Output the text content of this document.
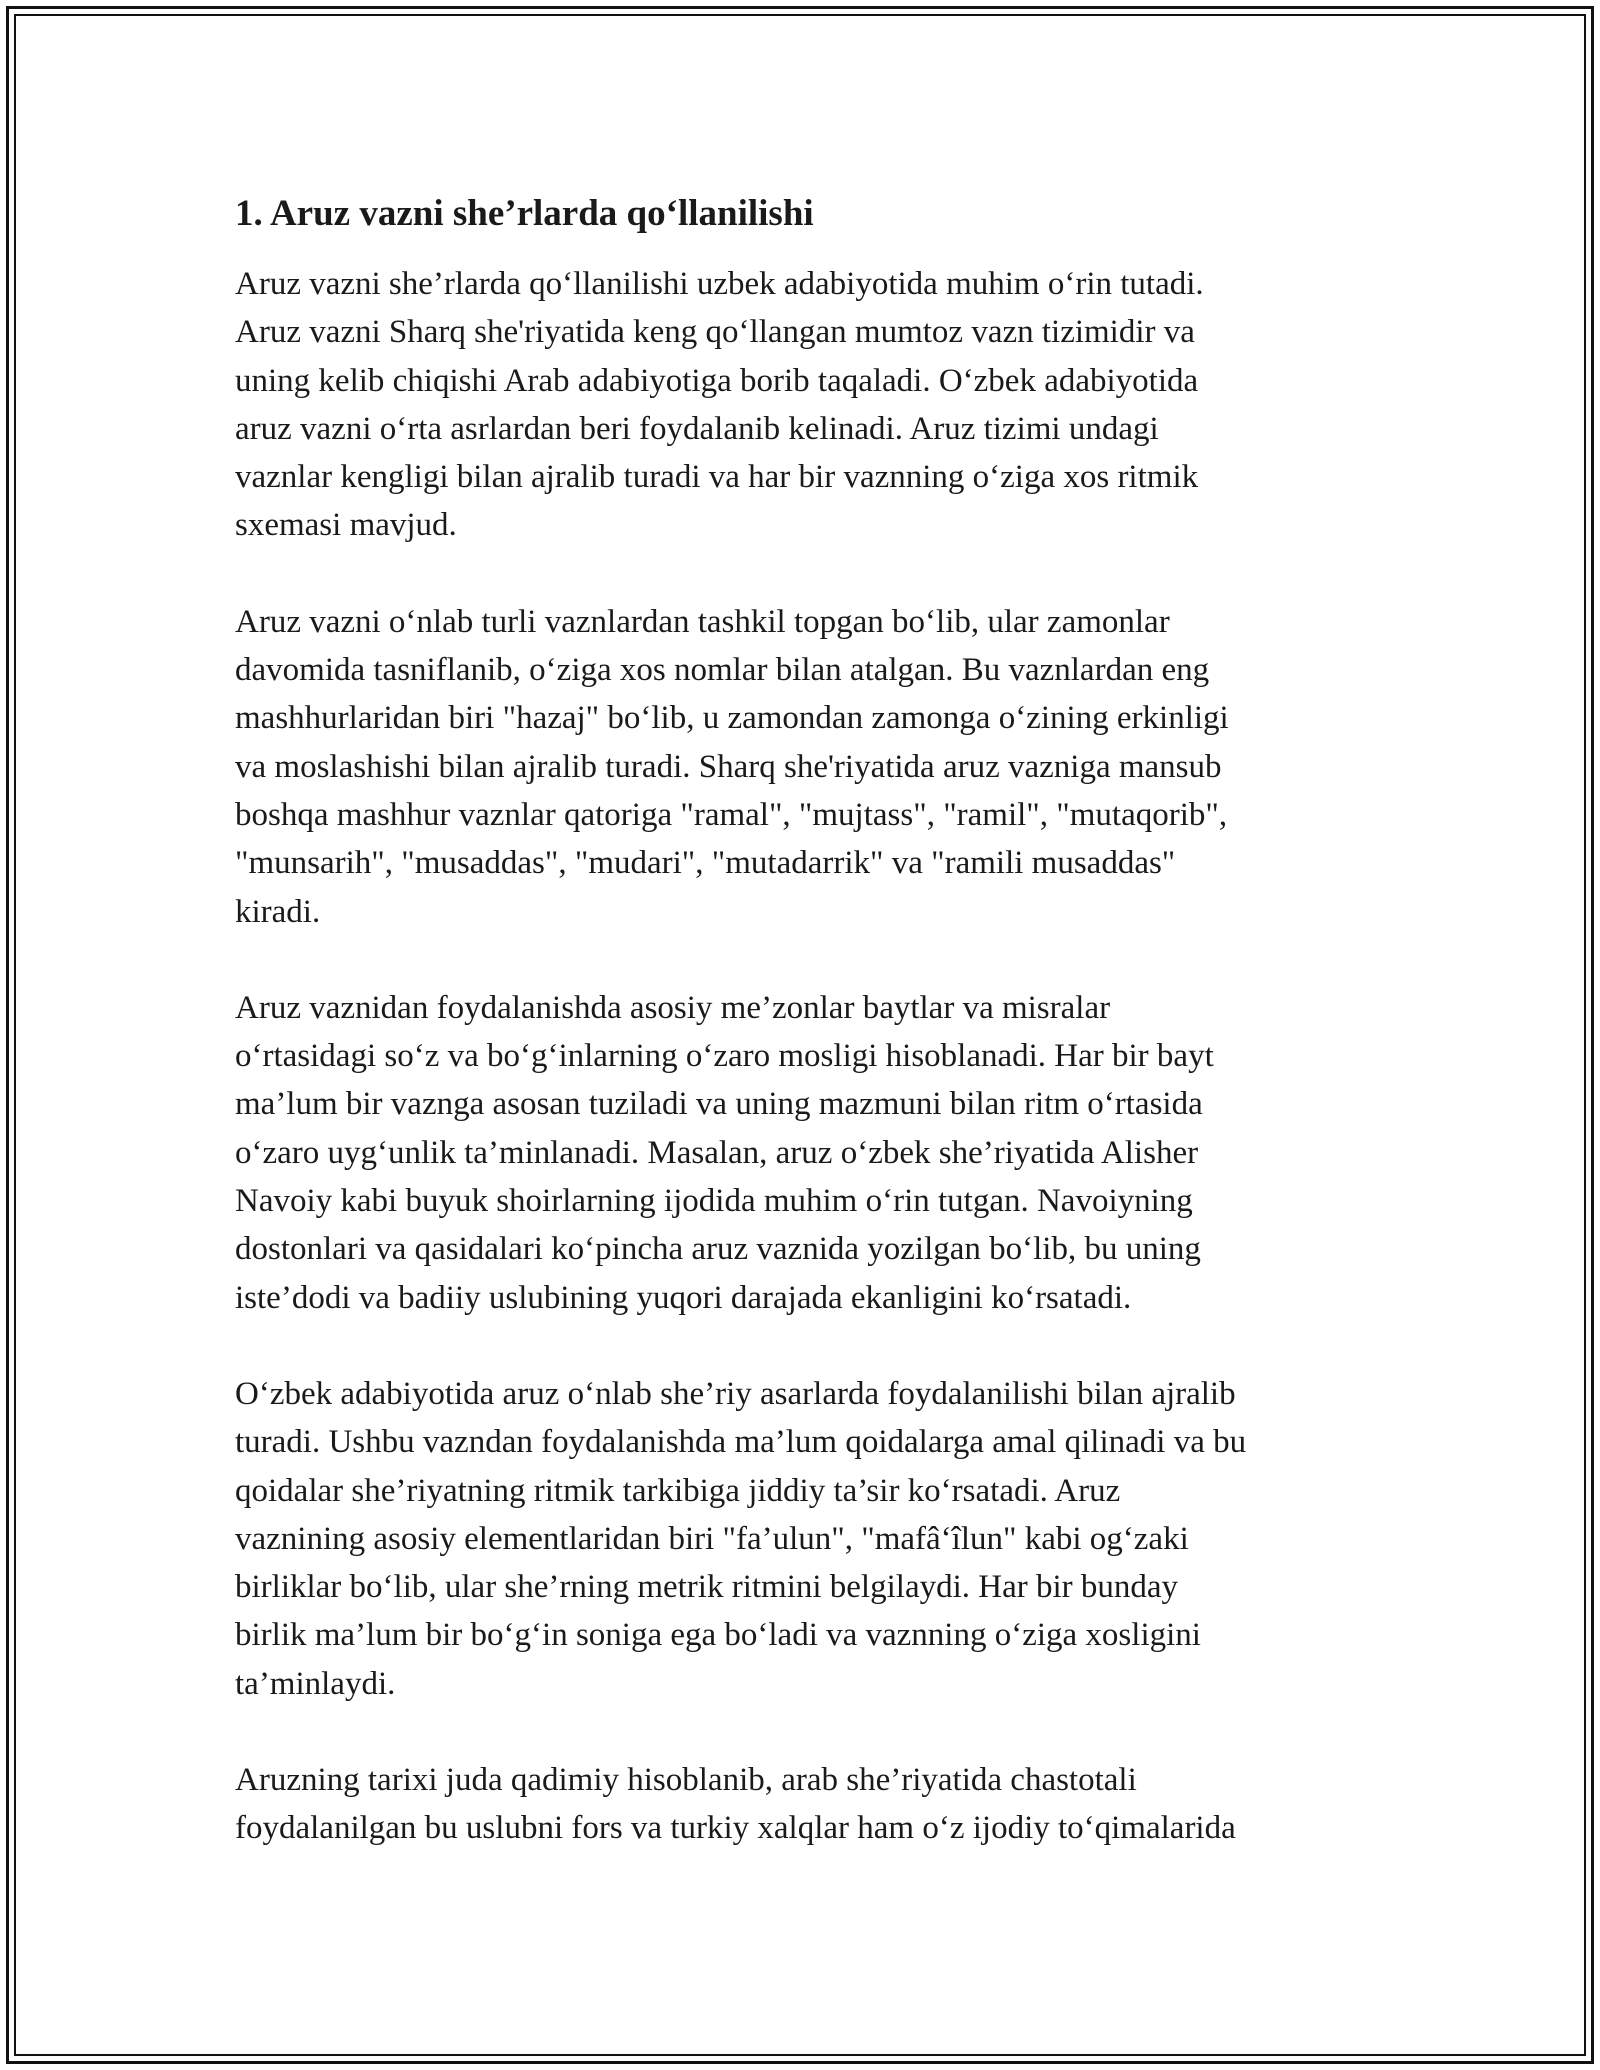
1. Aruz vazni she’rlarda qo‘llanilishi

Aruz vazni she’rlarda qo‘llanilishi uzbek adabiyotida muhim o‘rin tutadi.
Aruz vazni Sharq she'riyatida keng qo‘llangan mumtoz vazn tizimidir va
uning kelib chiqishi Arab adabiyotiga borib taqaladi. O‘zbek adabiyotida
aruz vazni o‘rta asrlardan beri foydalanib kelinadi. Aruz tizimi undagi
vaznlar kengligi bilan ajralib turadi va har bir vaznning o‘ziga xos ritmik
sxemasi mavjud.

Aruz vazni o‘nlab turli vaznlardan tashkil topgan bo‘lib, ular zamonlar
davomida tasniflanib, o‘ziga xos nomlar bilan atalgan. Bu vaznlardan eng
mashhurlaridan biri "hazaj" bo‘lib, u zamondan zamonga o‘zining erkinligi
va moslashishi bilan ajralib turadi. Sharq she'riyatida aruz vazniga mansub
boshqa mashhur vaznlar qatoriga "ramal", "mujtass", "ramil", "mutaqorib",
"munsarih", "musaddas", "mudari", "mutadarrik" va "ramili musaddas"
kiradi.

Aruz vaznidan foydalanishda asosiy me’zonlar baytlar va misralar
o‘rtasidagi so‘z va bo‘g‘inlarning o‘zaro mosligi hisoblanadi. Har bir bayt
ma’lum bir vaznga asosan tuziladi va uning mazmuni bilan ritm o‘rtasida
o‘zaro uyg‘unlik ta’minlanadi. Masalan, aruz o‘zbek she’riyatida Alisher
Navoiy kabi buyuk shoirlarning ijodida muhim o‘rin tutgan. Navoiyning
dostonlari va qasidalari ko‘pincha aruz vaznida yozilgan bo‘lib, bu uning
iste’dodi va badiiy uslubining yuqori darajada ekanligini ko‘rsatadi.

O‘zbek adabiyotida aruz o‘nlab she’riy asarlarda foydalanilishi bilan ajralib
turadi. Ushbu vazndan foydalanishda ma’lum qoidalarga amal qilinadi va bu
qoidalar she’riyatning ritmik tarkibiga jiddiy ta’sir ko‘rsatadi. Aruz
vaznining asosiy elementlaridan biri "fa’ulun", "mafâ‘îlun" kabi og‘zaki
birliklar bo‘lib, ular she’rning metrik ritmini belgilaydi. Har bir bunday
birlik ma’lum bir bo‘g‘in soniga ega bo‘ladi va vaznning o‘ziga xosligini
ta’minlaydi.

Aruzning tarixi juda qadimiy hisoblanib, arab she’riyatida chastotali
foydalanilgan bu uslubni fors va turkiy xalqlar ham o‘z ijodiy to‘qimalarida
